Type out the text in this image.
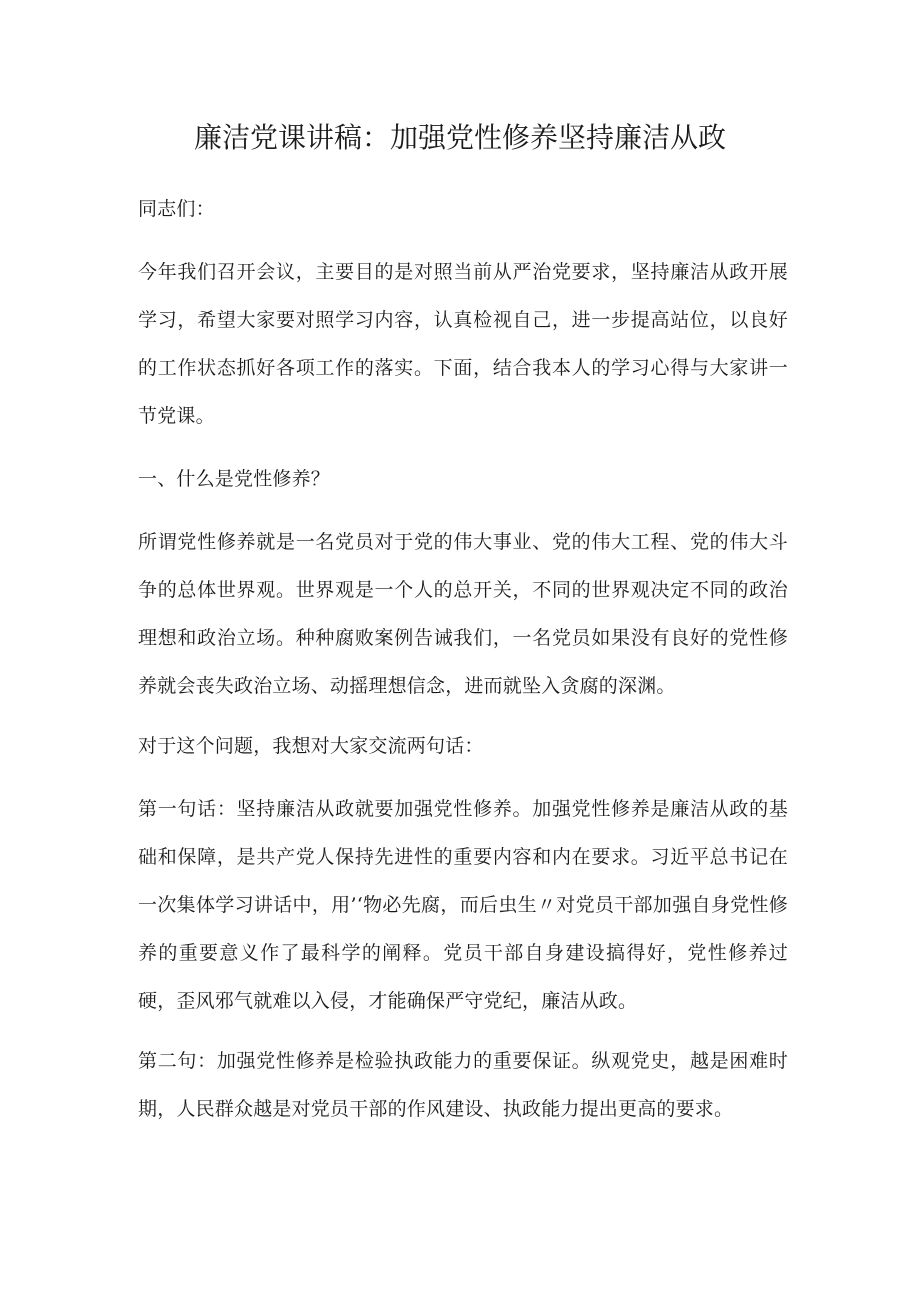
廉洁党课讲稿：加强党性修养坚持廉洁从政

同志们：

今年我们召开会议，主要目的是对照当前从严治党要求，坚持廉洁从政开展学习，希望大家要对照学习内容，认真检视自己，进一步提高站位，以良好的工作状态抓好各项工作的落实。下面，结合我本人的学习心得与大家讲一节党课。

一、什么是党性修养？

所谓党性修养就是一名党员对于党的伟大事业、党的伟大工程、党的伟大斗争的总体世界观。世界观是一个人的总开关，不同的世界观决定不同的政治理想和政治立场。种种腐败案例告诫我们，一名党员如果没有良好的党性修养就会丧失政治立场、动摇理想信念，进而就坠入贪腐的深渊。

对于这个问题，我想对大家交流两句话：

第一句话：坚持廉洁从政就要加强党性修养。加强党性修养是廉洁从政的基础和保障，是共产党人保持先进性的重要内容和内在要求。习近平总书记在一次集体学习讲话中，用’‘物必先腐，而后虫生〃对党员干部加强自身党性修养的重要意义作了最科学的阐释。党员干部自身建设搞得好，党性修养过硬，歪风邪气就难以入侵，才能确保严守党纪，廉洁从政。

第二句：加强党性修养是检验执政能力的重要保证。纵观党史，越是困难时期，人民群众越是对党员干部的作风建设、执政能力提出更高的要求。
